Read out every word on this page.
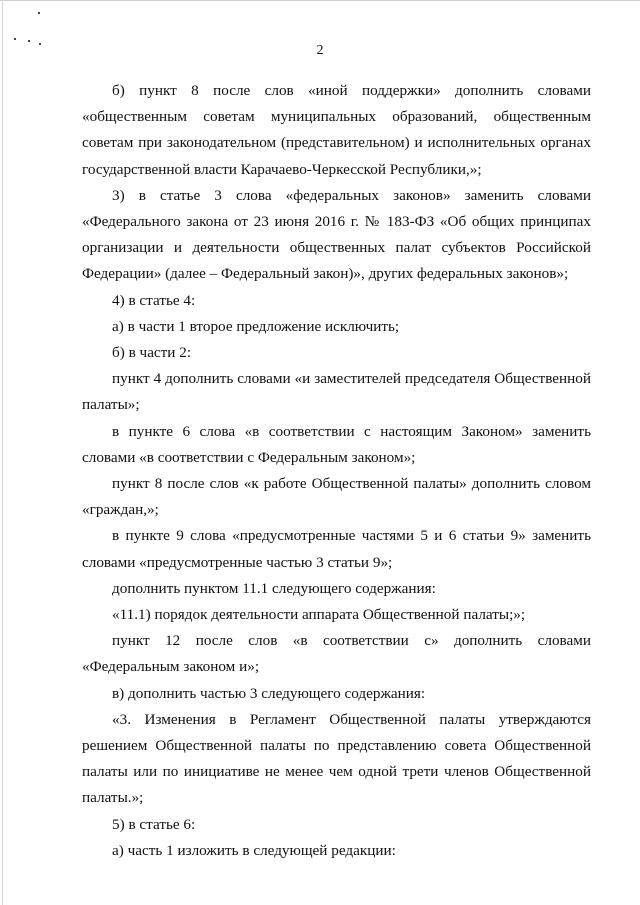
2

б) пункт 8 после слов «иной поддержки» дополнить словами «общественным советам муниципальных образований, общественным советам при законодательном (представительном) и исполнительных органах государственной власти Карачаево-Черкесской Республики,»;

3) в статье 3 слова «федеральных законов» заменить словами «Федерального закона от 23 июня 2016 г. № 183-ФЗ «Об общих принципах организации и деятельности общественных палат субъектов Российской Федерации» (далее – Федеральный закон)», других федеральных законов»;

4) в статье 4:

а) в части 1 второе предложение исключить;

б) в части 2:

пункт 4 дополнить словами «и заместителей председателя Общественной палаты»;

в пункте 6 слова «в соответствии с настоящим Законом» заменить словами «в соответствии с Федеральным законом»;

пункт 8 после слов «к работе Общественной палаты» дополнить словом «граждан,»;

в пункте 9 слова «предусмотренные частями 5 и 6 статьи 9» заменить словами «предусмотренные частью 3 статьи 9»;

дополнить пунктом 11.1 следующего содержания:

«11.1) порядок деятельности аппарата Общественной палаты;»;

пункт 12 после слов «в соответствии с» дополнить словами «Федеральным законом и»;

в) дополнить частью 3 следующего содержания:

«3. Изменения в Регламент Общественной палаты утверждаются решением Общественной палаты по представлению совета Общественной палаты или по инициативе не менее чем одной трети членов Общественной палаты.»;

5) в статье 6:

а) часть 1 изложить в следующей редакции:
